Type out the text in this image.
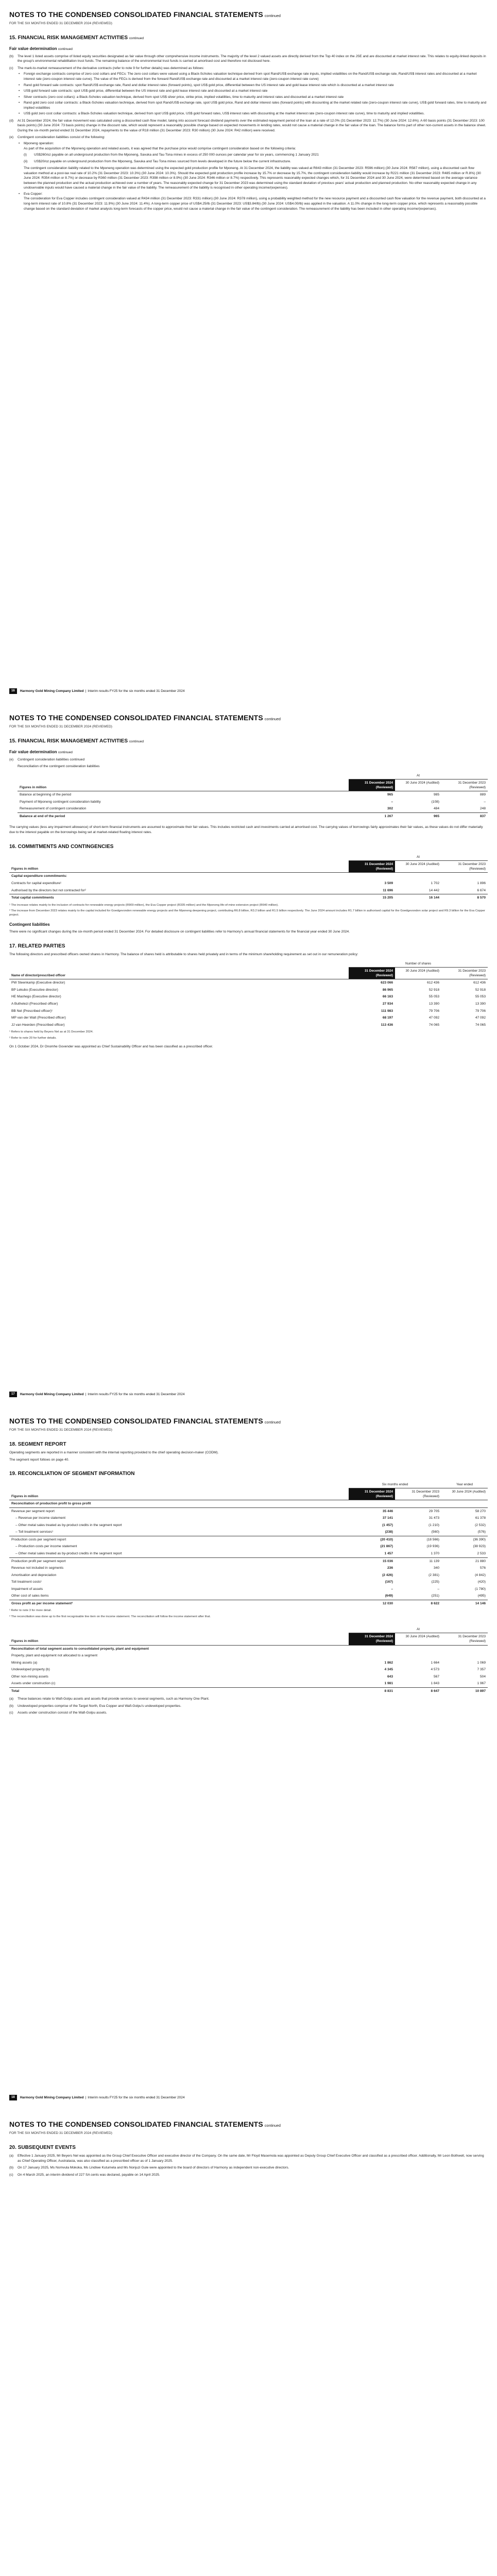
NOTES TO THE CONDENSED CONSOLIDATED FINANCIAL STATEMENTS continued
FOR THE SIX MONTHS ENDED 31 DECEMBER 2024 (REVIEWED)
15. FINANCIAL RISK MANAGEMENT ACTIVITIES continued
Fair value determination continued
(b)	The level 1 listed assets comprise of listed equity securities designated as fair value through other comprehensive income instruments. The majority of the level 2 valued assets are directly derived from the Top 40 index on the JSE and are discounted at market interest rate. This relates to equity-linked deposits in the group's environmental rehabilitation trust funds. The remaining balance of the environmental trust funds is carried at amortised cost and therefore not disclosed here.
(c)	The mark-to-market remeasurement of the derivative contracts (refer to note 9 for further details) was determined as follows:
•	Foreign exchange contracts comprise of zero cost collars and FECs: The zero cost collars were valued using a Black-Scholes valuation technique derived from spot Rand/US$ exchange rate inputs, implied volatilities on the Rand/US$ exchange rate, Rand/US$ interest rates and discounted at a market interest rate (zero-coupon interest rate curve). The value of the FECs is derived from the forward Rand/US$ exchange rate and discounted at a market interest rate (zero-coupon interest rate curve)
•	Rand gold forward sale contracts: spot Rand/US$ exchange rate, Rand and dollar interest rates (forward points), spot US$ gold price, differential between the US interest rate and gold lease interest rate which is discounted at a market interest rate
•	US$ gold forward sale contracts: spot US$ gold price, differential between the US interest rate and gold lease interest rate and discounted at a market interest rate
•	Silver contracts (zero cost collars): a Black-Scholes valuation technique, derived from spot US$ silver price, strike price, implied volatilities, time to maturity and interest rates and discounted at a market interest rate
•	Rand gold zero cost collar contracts: a Black-Scholes valuation technique, derived from spot Rand/US$ exchange rate, spot US$ gold price, Rand and dollar interest rates (forward points) with discounting at the market related rate (zero-coupon interest rate curve), US$ gold forward rates, time to maturity and implied volatilities
•	US$ gold zero cost collar contracts: a Black-Scholes valuation technique, derived from spot US$ gold price, US$ gold forward rates, US$ interest rates with discounting at the market interest rate (zero-coupon interest rate curve), time to maturity and implied volatilities.
(d)	At 31 December 2024, the fair value movement was calculated using a discounted cash flow model, taking into account forecast dividend payments over the estimated repayment period of the loan at a rate of 12.0% (31 December 2023: 12.7%) (30 June 2024: 12.6%). A 60 basis points (31 December 2023: 100 basis points) (30 June 2024: 73 basis points) change in the discount rate, which would represent a reasonably possible change based on expected movements in lending rates, would not cause a material change in the fair value of the loan. The balance forms part of other non-current assets in the balance sheet. During the six-month period ended 31 December 2024, repayments to the value of R18 million (31 December 2023: R30 million) (30 June 2024: R42 million) were received.
(e)	Contingent consideration liabilities consist of the following:
•	Mponeng operation:
As part of the acquisition of the Mponeng operation and related assets, it was agreed that the purchase price would comprise contingent consideration based on the following criteria:
(i)	US$260/oz payable on all underground production from the Mponeng, Savuka and Tau Tona mines in excess of 250 000 ounces per calendar year for six years, commencing 1 January 2021
(ii)	US$20/oz payable on underground production from the Mponeng, Savuka and Tau Tona mines sourced from levels developed in the future below the current infrastructure.
The contingent consideration liability related to the Mponeng operation was determined using the expected gold production profile for Mponeng. At 31 December 2024, the liability was valued at R843 million (31 December 2023: R596 million) (30 June 2024: R587 million), using a discounted cash flow valuation method at a post-tax real rate of 10.2% (31 December 2023: 10.3%) (30 June 2024: 10.3%). Should the expected gold production profile increase by 15.7% or decrease by 15.7%, the contingent consideration liability would increase by R221 million (31 December 2023: R485 million or R.8%) (30 June 2024: R354 million or 8.7%) or decrease by R360 million (31 December 2023: R398 million or 8.9%) (30 June 2024: R346 million or 8.7%) respectively. This represents reasonably expected changes which, for 31 December 2024 and 30 June 2024, were determined based on the average variance between the planned production and the actual production achieved over a number of years. The reasonably expected change for 31 December 2023 was determined using the standard deviation of previous years' actual production and planned production. No other reasonably expected change in any unobservable inputs would have caused a material change in the fair value of the liability. The remeasurement of the liability is recognised in other operating income/(expenses).
•	Eva Copper:
The consideration for Eva Copper includes contingent consideration valued at R434 million (31 December 2023: R331 million) (30 June 2024: R378 million), using a probability weighted method for the new resource payment and a discounted cash flow valuation for the revenue payment, both discounted at a long-term interest rate of 10.8% (31 December 2023: 11.9%) (30 June 2024: 11.4%). A long-term copper price of US$4.25/lb (31 December 2023: US$3.84/lb) (30 June 2024: US$4.00/lb) was applied in the valuation. A 11.0% change in the long-term copper price, which represents a reasonably possible change based on the standard deviation of market analysts long-term forecasts of the copper price, would not cause a material change in the fair value of the contingent consideration. The remeasurement of the liability has been included in other operating income/(expenses).
16	Harmony Gold Mining Company Limited | Interim results FY25 for the six months ended 31 December 2024
NOTES TO THE CONDENSED CONSOLIDATED FINANCIAL STATEMENTS continued
FOR THE SIX MONTHS ENDED 31 DECEMBER 2024 (REVIEWED)
15. FINANCIAL RISK MANAGEMENT ACTIVITIES continued
Fair value determination continued
(e)	Contingent consideration liabilities continued
Reconciliation of the contingent consideration liabilities
	At		
Figures in million	31 December 2024 (Reviewed)	30 June 2024 (Audited)	31 December 2023 (Reviewed)
Balance at beginning of the period	965	985	889
Payment of Mponeng contingent consideration liability	–	(108)	–
Remeasurement of contingent consideration	302	484	248
Balance at end of the period	1 267	965	837
The carrying values (less any impairment allowance) of short-term financial instruments are assumed to approximate their fair values. This includes restricted cash and investments carried at amortised cost. The carrying values of borrowings fairly approximates their fair values, as these values do not differ materially due to the interest payable on the borrowings being set at market-related floating interest rates.
16. COMMITMENTS AND CONTINGENCIES
	At		
Figures in million	31 December 2024 (Reviewed)	30 June 2024 (Audited)	31 December 2023 (Reviewed)
Capital expenditure commitments:			
Contracts for capital expenditure¹	3 509	1 702	1 896
Authorised by the directors but not contracted for²	11 696	14 442	6 674
Total capital commitments	15 205	16 144	8 570
¹ The increase relates mainly to the inclusion of contracts for renewable energy projects (R909 million), the Eva Copper project (R335 million) and the Mponeng life-of-mine extension project (R640 million).
² The increase from December 2023 relates mainly to the capital included for Goedgevonden renewable energy projects and the Mponeng deepening project, contributing R6.8 billion, R3.2 billion and R1.5 billion respectively. The June 2024 amount includes R1.7 billion in authorised capital for the Goedgevonden solar project and R9.3 billion for the Eva Copper project.
Contingent liabilities
There were no significant changes during the six-month period ended 31 December 2024. For detailed disclosure on contingent liabilities refer to Harmony's annual financial statements for the financial year ended 30 June 2024.
17. RELATED PARTIES
The following directors and prescribed officers owned shares in Harmony. The balance of shares held is attributable to shares held privately and in terms of the minimum shareholding requirement as set out in our remuneration policy:
	Number of shares		
Name of director/prescribed officer	31 December 2024 (Reviewed)	30 June 2024 (Audited)	31 December 2023 (Reviewed)
PW Steenkamp (Executive director)	623 066	612 436	612 436
BP Lekubo (Executive director)	86 965	52 918	52 918
HE Mashego (Executive director)	66 163	55 053	55 053
A Buthelezi (Prescribed officer)	27 934	13 390	13 390
BB Nel (Prescribed officer)¹	111 983	79 706	79 706
MP van der Walt (Prescribed officer)	68 197	47 092	47 092
JJ van Heerden (Prescribed officer)	113 436	74 065	74 065
¹ Refers to shares held by Beyers Nel as at 31 December 2024.
² Refer to note 20 for further details.
On 1 October 2024, Dr Onomhe Govender was appointed as Chief Sustainability Officer and has been classified as a prescribed officer.
17	Harmony Gold Mining Company Limited | Interim results FY25 for the six months ended 31 December 2024
NOTES TO THE CONDENSED CONSOLIDATED FINANCIAL STATEMENTS continued
FOR THE SIX MONTHS ENDED 31 DECEMBER 2024 (REVIEWED)
18. SEGMENT REPORT
Operating segments are reported in a manner consistent with the internal reporting provided to the chief operating decision-maker (CODM).
The segment report follows on page 40.
19. RECONCILIATION OF SEGMENT INFORMATION
	Six months ended		Year ended
Figures in million	31 December 2024 (Reviewed)	31 December 2023 (Reviewed)	30 June 2024 (Audited)
Reconciliation of production profit to gross profit			
Revenue per segment report	35 446	29 705	58 270
– Revenue per income statement	37 141	31 473	61 378
– Other metal sales treated as by-product credits in the segment report	(1 457)	(1 210)	(2 532)
– Toll treatment services¹	(238)	(560)	(576)
Production costs per segment report	(20 410)	(18 566)	(36 390)
– Production costs per income statement	(21 867)	(19 936)	(38 923)
– Other metal sales treated as by-product credits in the segment report	1 457	1 370	2 533
Production profit per segment report	15 036	11 139	21 880
Revenue not included in segments	236	340	576
Amortisation and depreciation	(2 426)	(2 381)	(4 842)
Toll treatment costs¹	(167)	(225)	(420)
Impairment of assets	–	–	(1 780)
Other cost of sales items	(649)	(251)	(495)
Gross profit as per income statement²	12 030	8 622	14 146
¹ Refer to note 3 for more detail.
² The reconciliation was done up to the first recognisable line item on the income statement. The reconciliation will follow the income statement after that.
	At		
Figures in million	31 December 2024 (Reviewed)	30 June 2024 (Audited)	31 December 2023 (Reviewed)
Reconciliation of total segment assets to consolidated property, plant and equipment			
Property, plant and equipment not allocated to a segment			
Mining assets (a)	1 862	1 664	1 069
Undeveloped property (b)	4 345	4 573	7 357
Other non-mining assets	643	567	504
Assets under construction (c)	1 981	1 843	1 967
Total	8 831	8 647	10 897
(a)	These balances relate to Wafi-Golpu assets and assets that provide services to several segments, such as Harmony One Plant.
(b)	Undeveloped properties comprise of the Target North, Eva Copper and Wafi-Golpu's undeveloped properties.
(c)	Assets under construction consist of the Wafi-Golpu assets.
18	Harmony Gold Mining Company Limited | Interim results FY25 for the six months ended 31 December 2024
NOTES TO THE CONDENSED CONSOLIDATED FINANCIAL STATEMENTS continued
FOR THE SIX MONTHS ENDED 31 DECEMBER 2024 (REVIEWED)
20. SUBSEQUENT EVENTS
(a)	Effective 1 January 2025, Mr Beyers Nel was appointed as the Group Chief Executive Officer and executive director of the Company. On the same date, Mr Floyd Masemola was appointed as Deputy Group Chief Executive Officer and classified as a prescribed officer. Additionally, Mr Leon Bothwell, now serving as Chief Operating Officer, Australasia, was also classified as a prescribed officer as of 1 January 2025.
(b)	On 17 January 2025, Ms Nomvula Mokoka, Ms Lindiwe Kutumela and Ms Nonjuzi Gule were appointed to the board of directors of Harmony as independent non-executive directors.
(c)	On 4 March 2025, an interim dividend of 227 SA cents was declared, payable on 14 April 2025.
